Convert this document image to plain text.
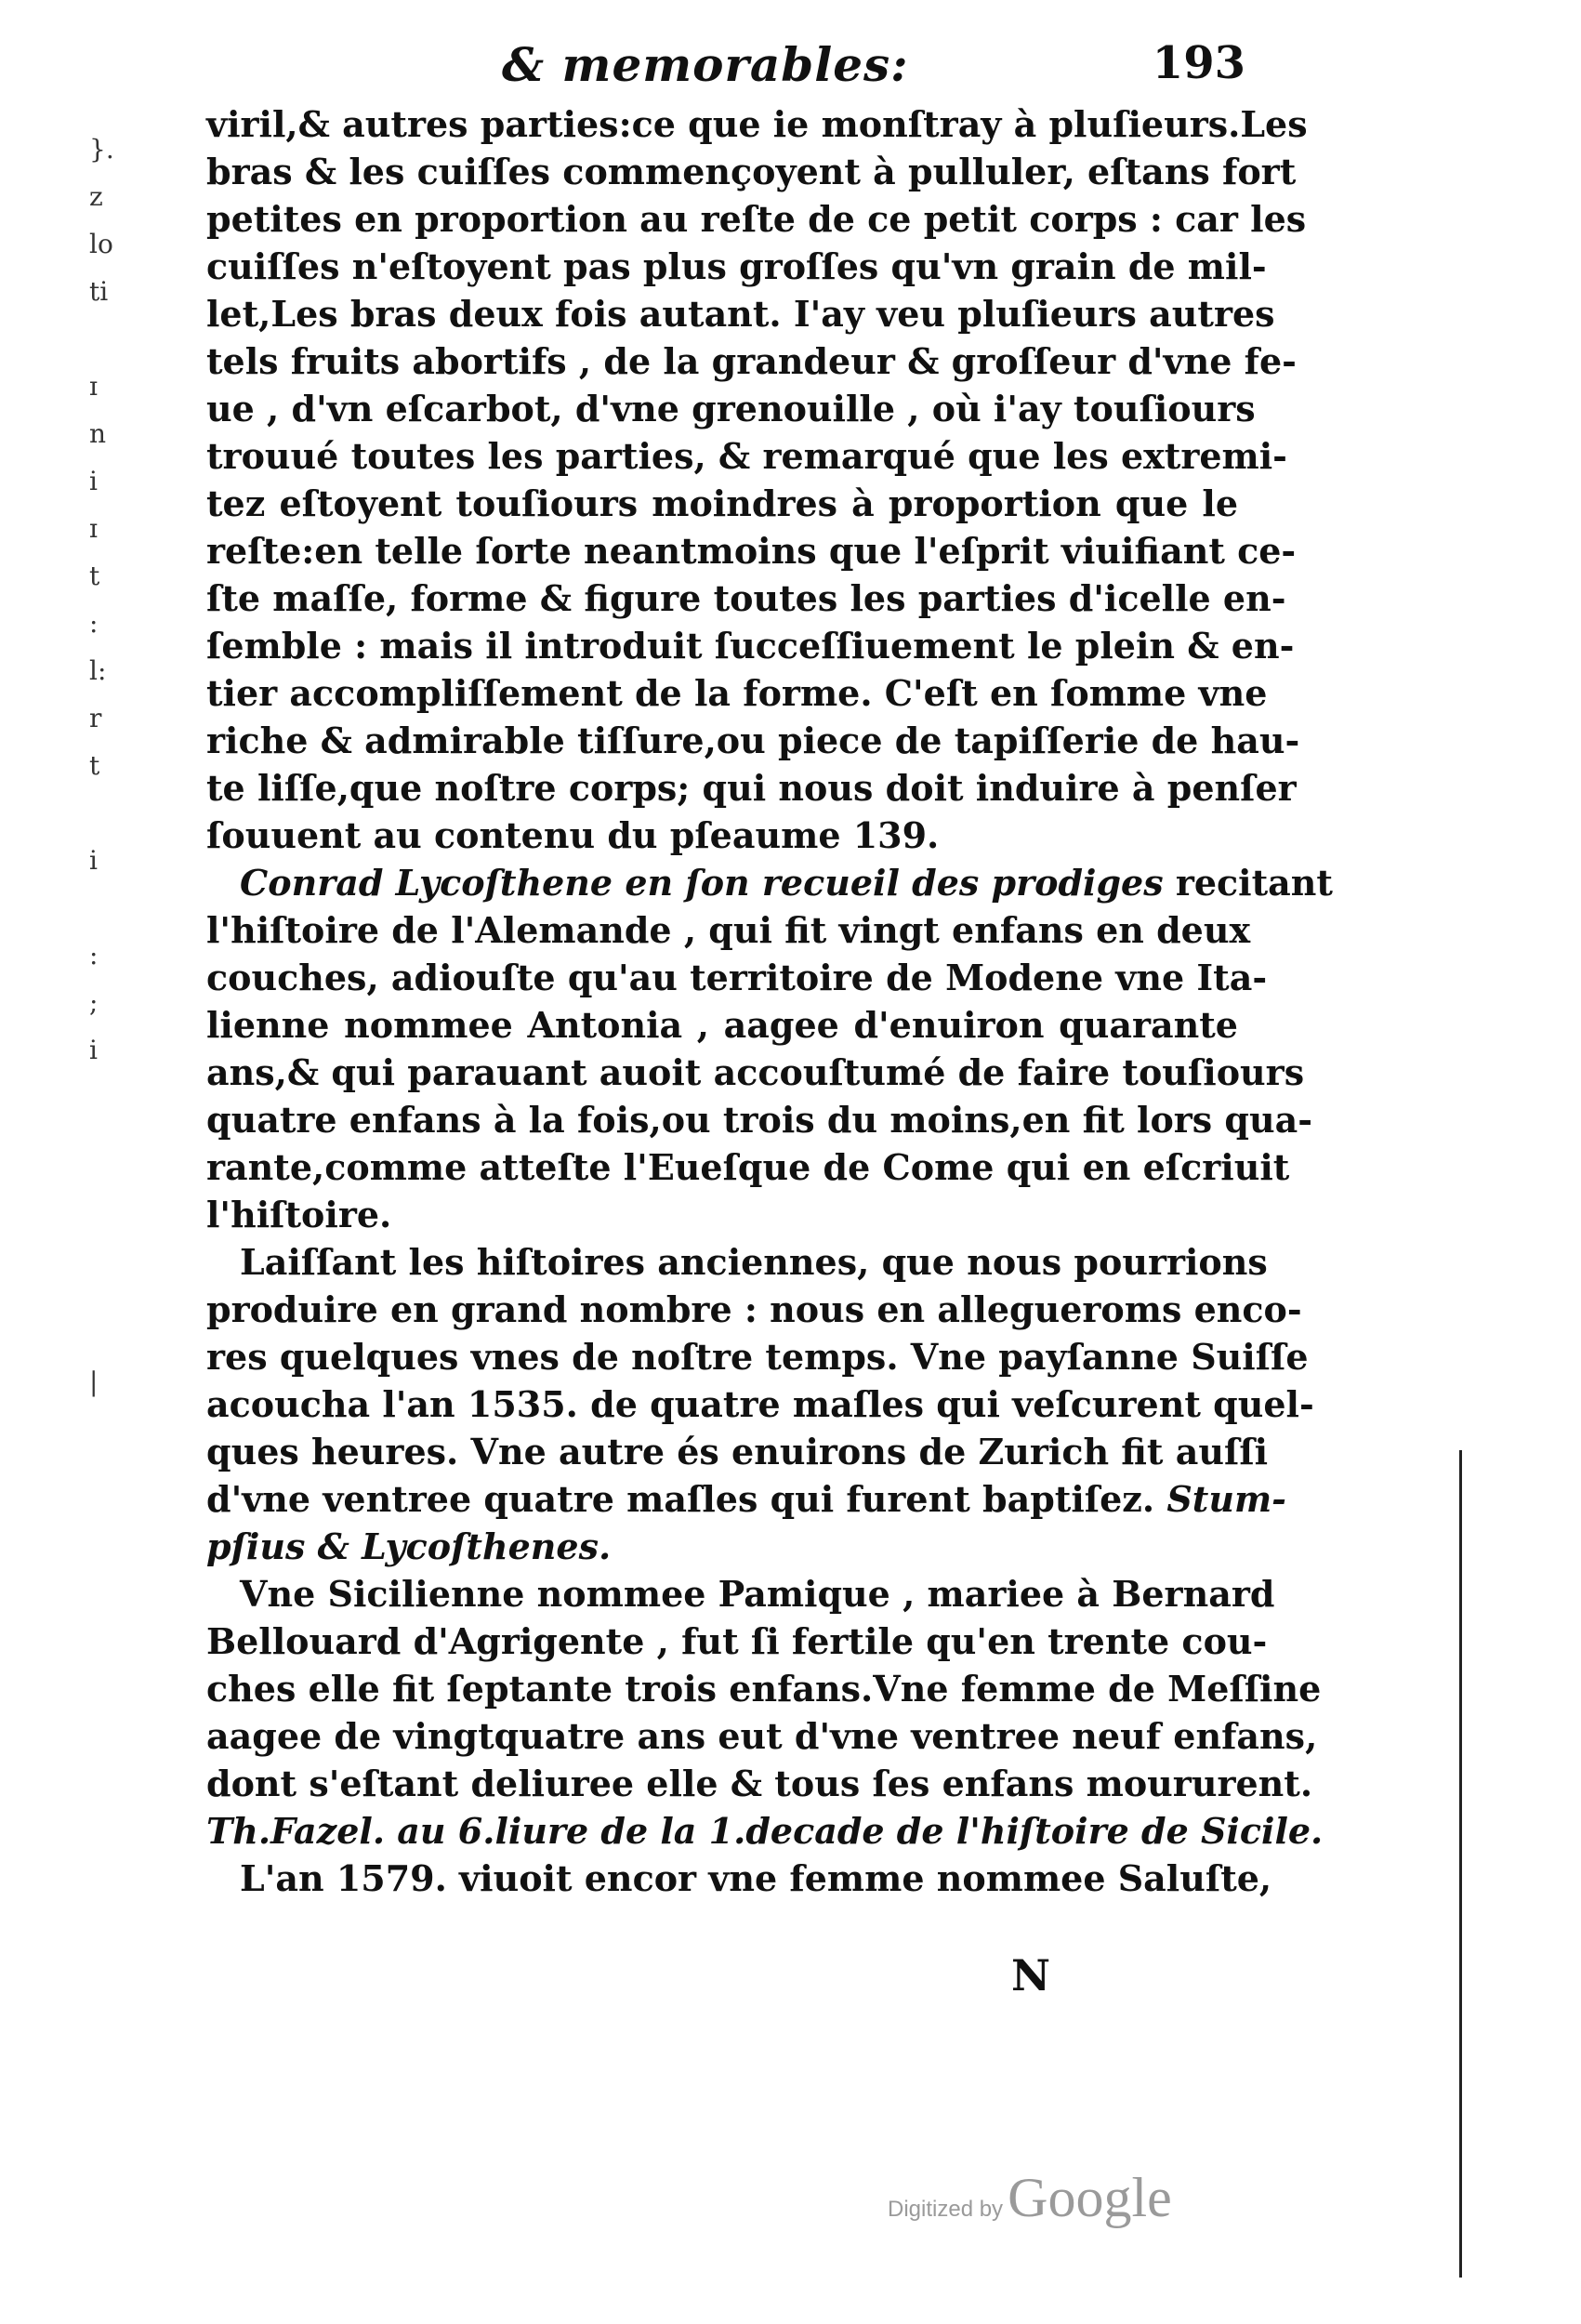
& memorables:	193
}.
z
lo
ti
ɪ
n
i
ɪ
t
:
l:
r
t
i
:
;
i
|
viril,& autres parties:ce que ie monſtray à pluſieurs.Les
bras & les cuiſſes commençoyent à pulluler, eſtans fort
petites en proportion au reſte de ce petit corps : car les
cuiſſes n'eſtoyent pas plus groſſes qu'vn grain de mil-
let,Les bras deux fois autant. I'ay veu pluſieurs autres
tels fruits abortifs , de la grandeur & groſſeur d'vne fe-
ue , d'vn eſcarbot, d'vne grenouille , où i'ay touſiours
trouué toutes les parties, & remarqué que les extremi-
tez eſtoyent touſiours moindres à proportion que le
reſte:en telle ſorte neantmoins que l'eſprit viuifiant ce-
ſte maſſe, forme & figure toutes les parties d'icelle en-
ſemble : mais il introduit ſucceſſiuement le plein & en-
tier accompliſſement de la forme. C'eſt en ſomme vne
riche & admirable tiſſure,ou piece de tapiſſerie de hau-
te liſſe,que noſtre corps; qui nous doit induire à penſer
ſouuent au contenu du pſeaume 139.
Conrad Lycoſthene en ſon recueil des prodiges recitant
l'hiſtoire de l'Alemande , qui fit vingt enfans en deux
couches, adiouſte qu'au territoire de Modene vne Ita-
lienne nommee Antonia , aagee d'enuiron quarante
ans,& qui parauant auoit accouſtumé de faire touſiours
quatre enfans à la fois,ou trois du moins,en fit lors qua-
rante,comme atteſte l'Eueſque de Come qui en eſcriuit
l'hiſtoire.
Laiſſant les hiſtoires anciennes, que nous pourrions
produire en grand nombre : nous en allegueroms enco-
res quelques vnes de noſtre temps. Vne payſanne Suiſſe
acoucha l'an 1535. de quatre maſles qui veſcurent quel-
ques heures. Vne autre és enuirons de Zurich fit auſſi
d'vne ventree quatre maſles qui furent baptiſez. Stum-
pſius & Lycoſthenes.
Vne Sicilienne nommee Pamique , mariee à Bernard
Bellouard d'Agrigente , fut ſi fertile qu'en trente cou-
ches elle fit ſeptante trois enfans.Vne femme de Meſſine
aagee de vingtquatre ans eut d'vne ventree neuf enfans,
dont s'eſtant deliuree elle & tous ſes enfans moururent.
Th.Fazel. au 6.liure de la 1.decade de l'hiſtoire de Sicile.
L'an 1579. viuoit encor vne femme nommee Saluſte,
N
Digitized by Google
